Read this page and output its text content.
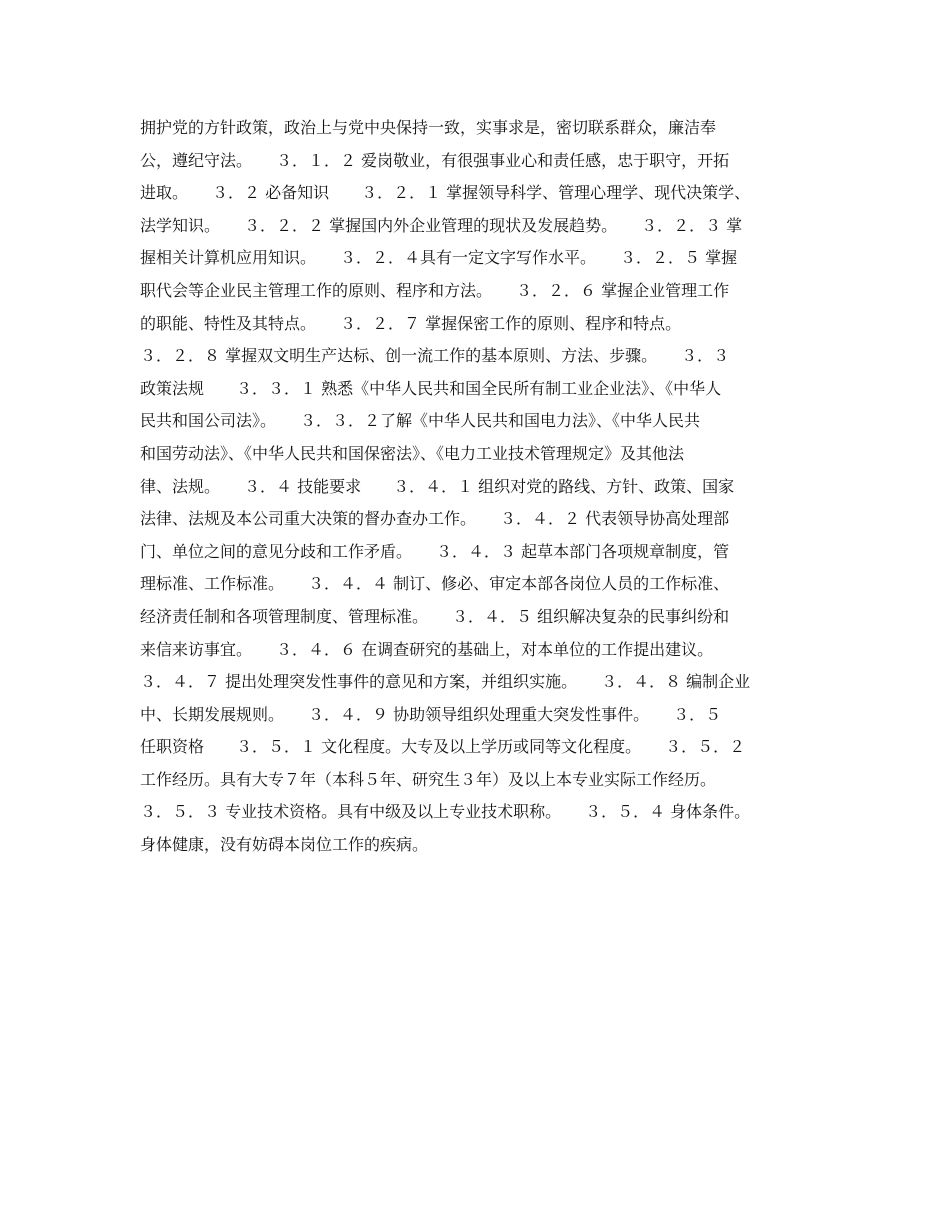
拥护党的方针政策，政治上与党中央保持一致，实事求是，密切联系群众，廉洁奉
公，遵纪守法。　　３．１．２ 爱岗敬业，有很强事业心和责任感，忠于职守，开拓
进取。　　３．２ 必备知识　　３．２．１ 掌握领导科学、管理心理学、现代决策学、
法学知识。　　３．２．２ 掌握国内外企业管理的现状及发展趋势。　　３．２．３ 掌
握相关计算机应用知识。　　３．２．４具有一定文字写作水平。　　３．２．５ 掌握
职代会等企业民主管理工作的原则、程序和方法。　　３．２．６ 掌握企业管理工作
的职能、特性及其特点。　　３．２．７ 掌握保密工作的原则、程序和特点。
３．２．８ 掌握双文明生产达标、创一流工作的基本原则、方法、步骤。　　３．３
政策法规　　３．３．１ 熟悉《中华人民共和国全民所有制工业企业法》、《中华人
民共和国公司法》。　　３．３．２了解《中华人民共和国电力法》、《中华人民共
和国劳动法》、《中华人民共和国保密法》、《电力工业技术管理规定》及其他法
律、法规。　　３．４ 技能要求　　３．４．１ 组织对党的路线、方针、政策、国家
法律、法规及本公司重大决策的督办查办工作。　　３．４．２ 代表领导协高处理部
门、单位之间的意见分歧和工作矛盾。　　３．４．３ 起草本部门各项规章制度，管
理标准、工作标准。　　３．４．４ 制订、修必、审定本部各岗位人员的工作标准、
经济责任制和各项管理制度、管理标准。　　３．４．５ 组织解决复杂的民事纠纷和
来信来访事宜。　　３．４．６ 在调查研究的基础上，对本单位的工作提出建议。
３．４．７ 提出处理突发性事件的意见和方案，并组织实施。　　３．４．８ 编制企业
中、长期发展规则。　　３．４．９ 协助领导组织处理重大突发性事件。　　３．５
任职资格　　３．５．１ 文化程度。大专及以上学历或同等文化程度。　　３．５．２
工作经历。具有大专７年（本科５年、研究生３年）及以上本专业实际工作经历。
３．５．３ 专业技术资格。具有中级及以上专业技术职称。　　３．５．４ 身体条件。
身体健康，没有妨碍本岗位工作的疾病。
